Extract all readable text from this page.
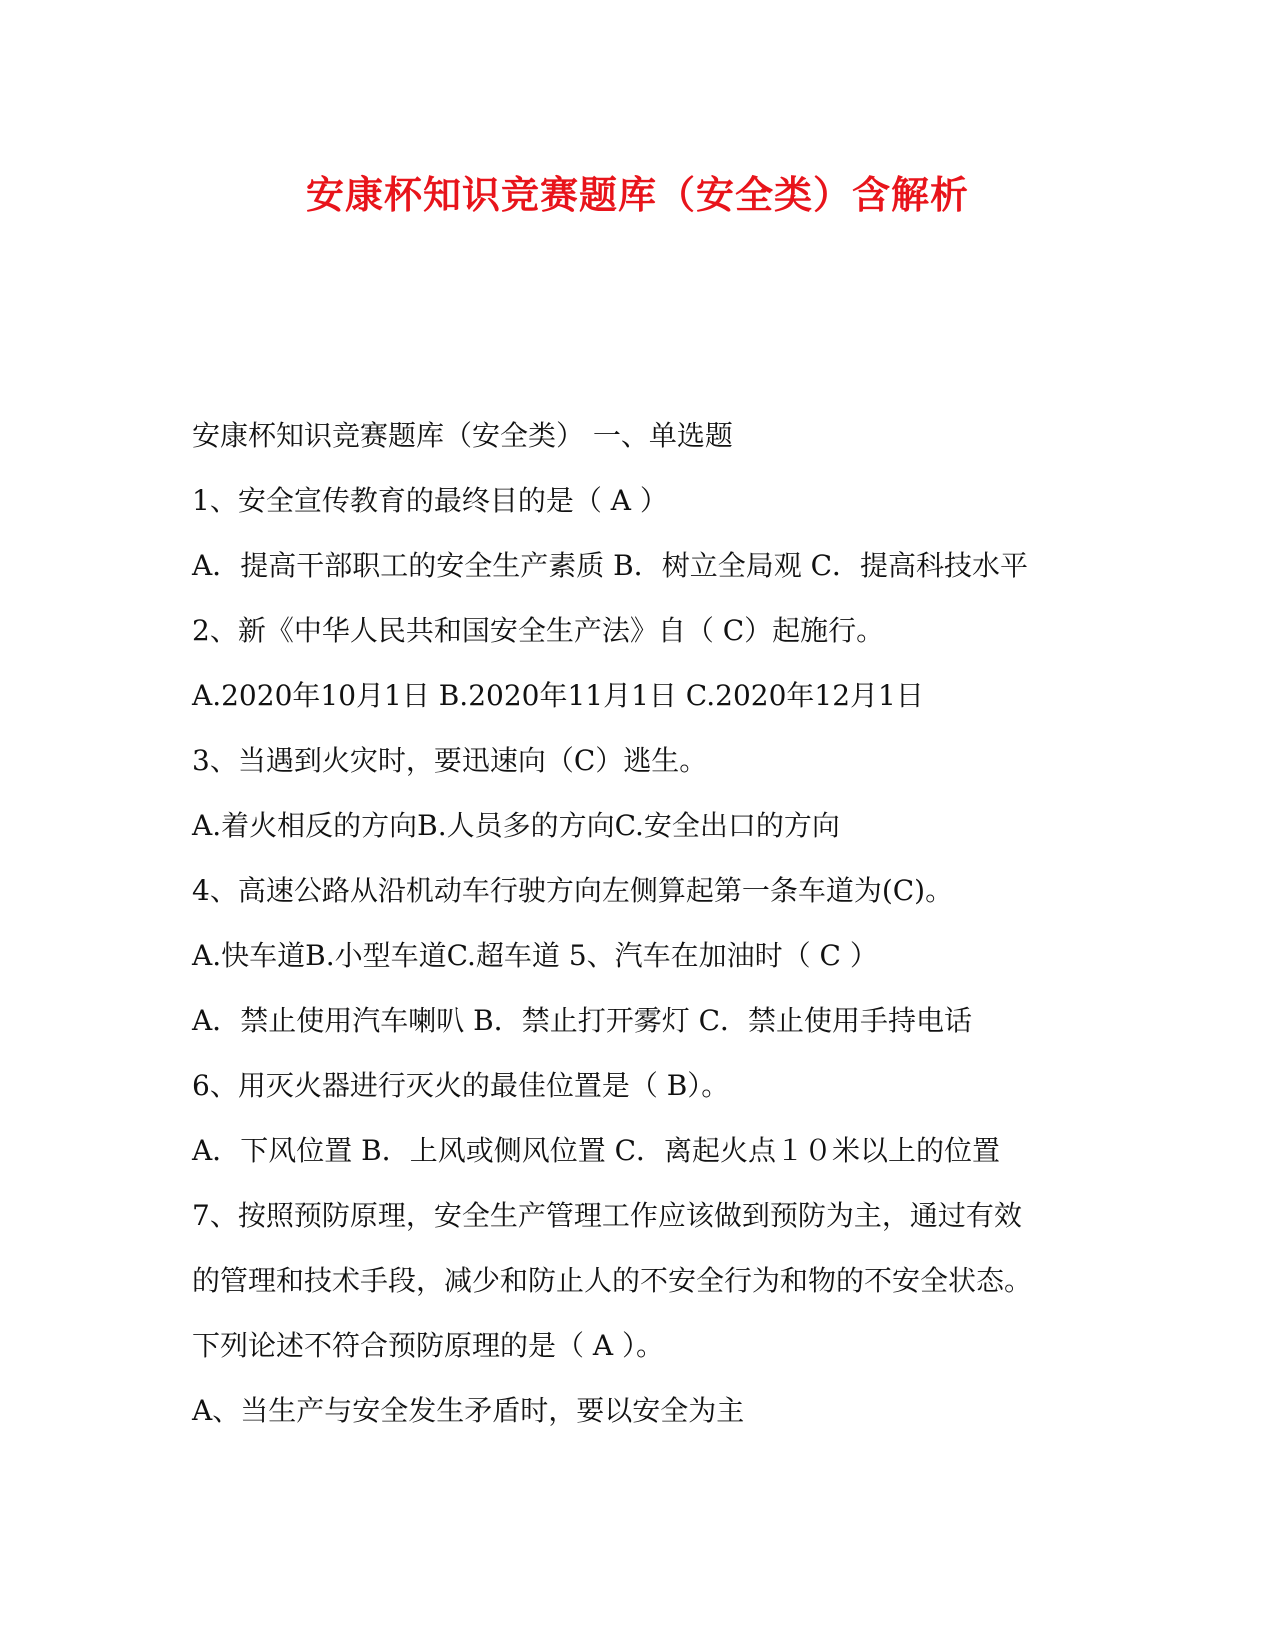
安康杯知识竞赛题库（安全类）含解析
安康杯知识竞赛题库（安全类） 一、单选题
1、安全宣传教育的最终目的是（ A ）
A．提高干部职工的安全生产素质 B．树立全局观 C．提高科技水平
2、新《中华人民共和国安全生产法》自（ C）起施行。
A.2020年10月1日 B.2020年11月1日 C.2020年12月1日
3、当遇到火灾时，要迅速向（C）逃生。
A.着火相反的方向B.人员多的方向C.安全出口的方向
4、高速公路从沿机动车行驶方向左侧算起第一条车道为(C)。
A.快车道B.小型车道C.超车道 5、汽车在加油时（ C ）
A．禁止使用汽车喇叭 B．禁止打开雾灯 C．禁止使用手持电话
6、用灭火器进行灭火的最佳位置是（ B）。
A．下风位置 B．上风或侧风位置 C．离起火点１０米以上的位置
7、按照预防原理，安全生产管理工作应该做到预防为主，通过有效
的管理和技术手段，减少和防止人的不安全行为和物的不安全状态。
下列论述不符合预防原理的是（ A ）。
A、当生产与安全发生矛盾时，要以安全为主
